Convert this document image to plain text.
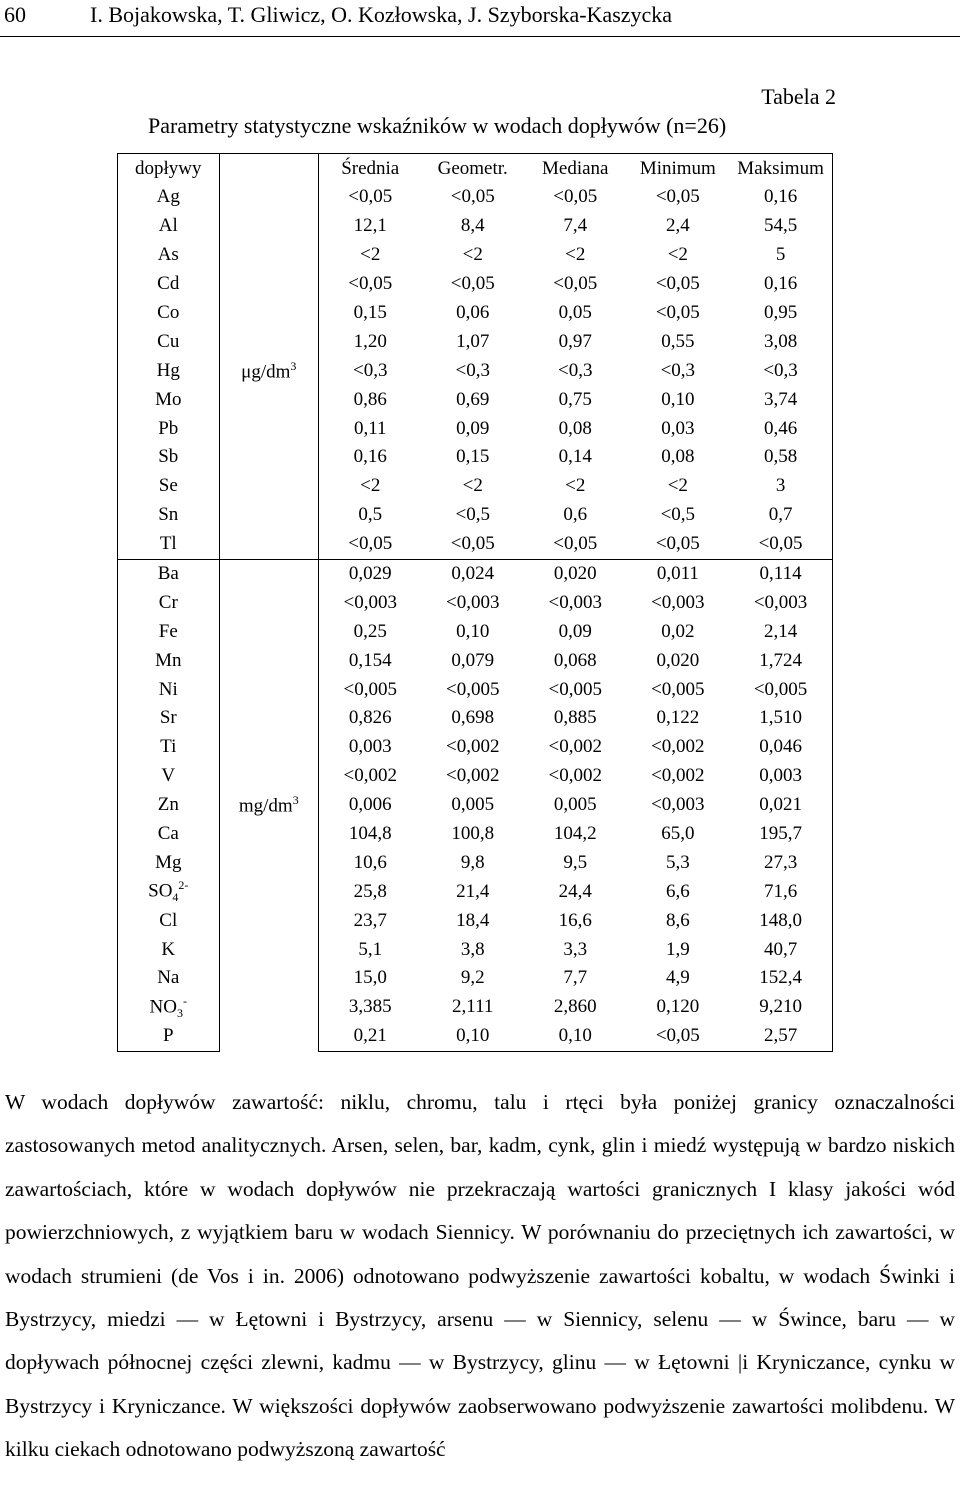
60	I. Bojakowska, T. Gliwicz, O. Kozłowska, J. Szyborska-Kaszycka
Tabela 2
Parametry statystyczne wskaźników w wodach dopływów (n=26)
dopływy		Średnia	Geometr.	Mediana	Minimum	Maksimum
Ag	$\mu g/dm^3$	<0,05	<0,05	<0,05	<0,05	0,16
Al		12,1	8,4	7,4	2,4	54,5
As		<2	<2	<2	<2	5
Cd		<0,05	<0,05	<0,05	<0,05	0,16
Co		0,15	0,06	0,05	<0,05	0,95
Cu		1,20	1,07	0,97	0,55	3,08
Hg		<0,3	<0,3	<0,3	<0,3	<0,3
Mo		0,86	0,69	0,75	0,10	3,74
Pb		0,11	0,09	0,08	0,03	0,46
Sb		0,16	0,15	0,14	0,08	0,58
Se		<2	<2	<2	<2	3
Sn		0,5	<0,5	0,6	<0,5	0,7
Tl		<0,05	<0,05	<0,05	<0,05	<0,05
Ba	$mg/dm^3$	0,029	0,024	0,020	0,011	0,114
Cr		<0,003	<0,003	<0,003	<0,003	<0,003
Fe		0,25	0,10	0,09	0,02	2,14
Mn		0,154	0,079	0,068	0,020	1,724
Ni		<0,005	<0,005	<0,005	<0,005	<0,005
Sr		0,826	0,698	0,885	0,122	1,510
Ti		0,003	<0,002	<0,002	<0,002	0,046
V		<0,002	<0,002	<0,002	<0,002	0,003
Zn		0,006	0,005	0,005	<0,003	0,021
Ca		104,8	100,8	104,2	65,0	195,7
Mg		10,6	9,8	9,5	5,3	27,3
$SO_4^{2-}$		25,8	21,4	24,4	6,6	71,6
Cl		23,7	18,4	16,6	8,6	148,0
K		5,1	3,8	3,3	1,9	40,7
Na		15,0	9,2	7,7	4,9	152,4
$NO_3^-$		3,385	2,111	2,860	0,120	9,210
P		0,21	0,10	0,10	<0,05	2,57

W wodach dopływów zawartość: niklu, chromu, talu i rtęci była poniżej granicy oznaczalności zastosowanych metod analitycznych. Arsen, selen, bar, kadm, cynk, glin i miedź występują w bardzo niskich zawartościach, które w wodach dopływów nie przekraczają wartości granicznych I klasy jakości wód powierzchniowych, z wyjątkiem baru w wodach Siennicy. W porównaniu do przeciętnych ich zawartości, w wodach strumieni (de Vos i in. 2006) odnotowano podwyższenie zawartości kobaltu, w wodach Świnki i Bystrzycy, miedzi — w Łętowni i Bystrzycy, arsenu — w Siennicy, selenu — w Śwince, baru — w dopływach północnej części zlewni, kadmu — w Bystrzycy, glinu — w Łętowni |i Kryniczance, cynku w Bystrzycy i Kryniczance. W większości dopływów zaobserwowano podwyższenie zawartości molibdenu. W kilku ciekach odnotowano podwyższoną zawartość
